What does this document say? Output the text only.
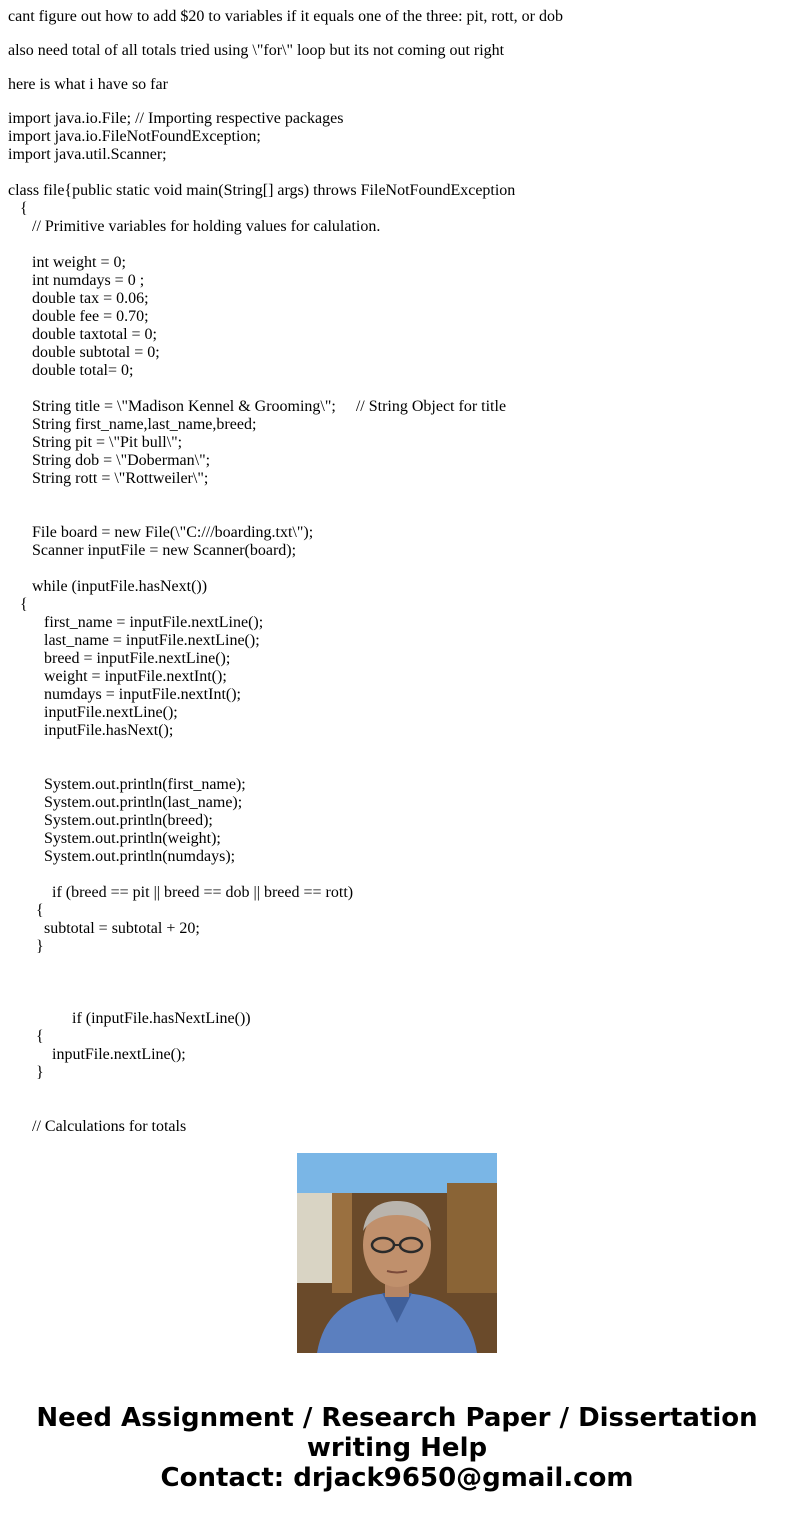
cant figure out how to add $20 to variables if it equals one of the three: pit, rott, or dob
also need total of all totals tried using \"for\" loop but its not coming out right
here is what i have so far
import java.io.File; // Importing respective packages
import java.io.FileNotFoundException;
import java.util.Scanner;
class file{public static void main(String[] args) throws FileNotFoundException
{
// Primitive variables for holding values for calulation.
int weight = 0;
int numdays = 0 ;
double tax = 0.06;
double fee = 0.70;
double taxtotal = 0;
double subtotal = 0;
double total= 0;
String title = \"Madison Kennel & Grooming\";     // String Object for title
String first_name,last_name,breed;
String pit = \"Pit bull\";
String dob = \"Doberman\";
String rott = \"Rottweiler\";
File board = new File(\"C:///boarding.txt\");
Scanner inputFile = new Scanner(board);
while (inputFile.hasNext())
{
first_name = inputFile.nextLine();
last_name = inputFile.nextLine();
breed = inputFile.nextLine();
weight = inputFile.nextInt();
numdays = inputFile.nextInt();
inputFile.nextLine();
inputFile.hasNext();
System.out.println(first_name);
System.out.println(last_name);
System.out.println(breed);
System.out.println(weight);
System.out.println(numdays);
if (breed == pit || breed == dob || breed == rott)
{
subtotal = subtotal + 20;
}
if (inputFile.hasNextLine())
{
inputFile.nextLine();
}
// Calculations for totals
Need Assignment / Research Paper / Dissertation
writing Help
Contact: drjack9650@gmail.com
